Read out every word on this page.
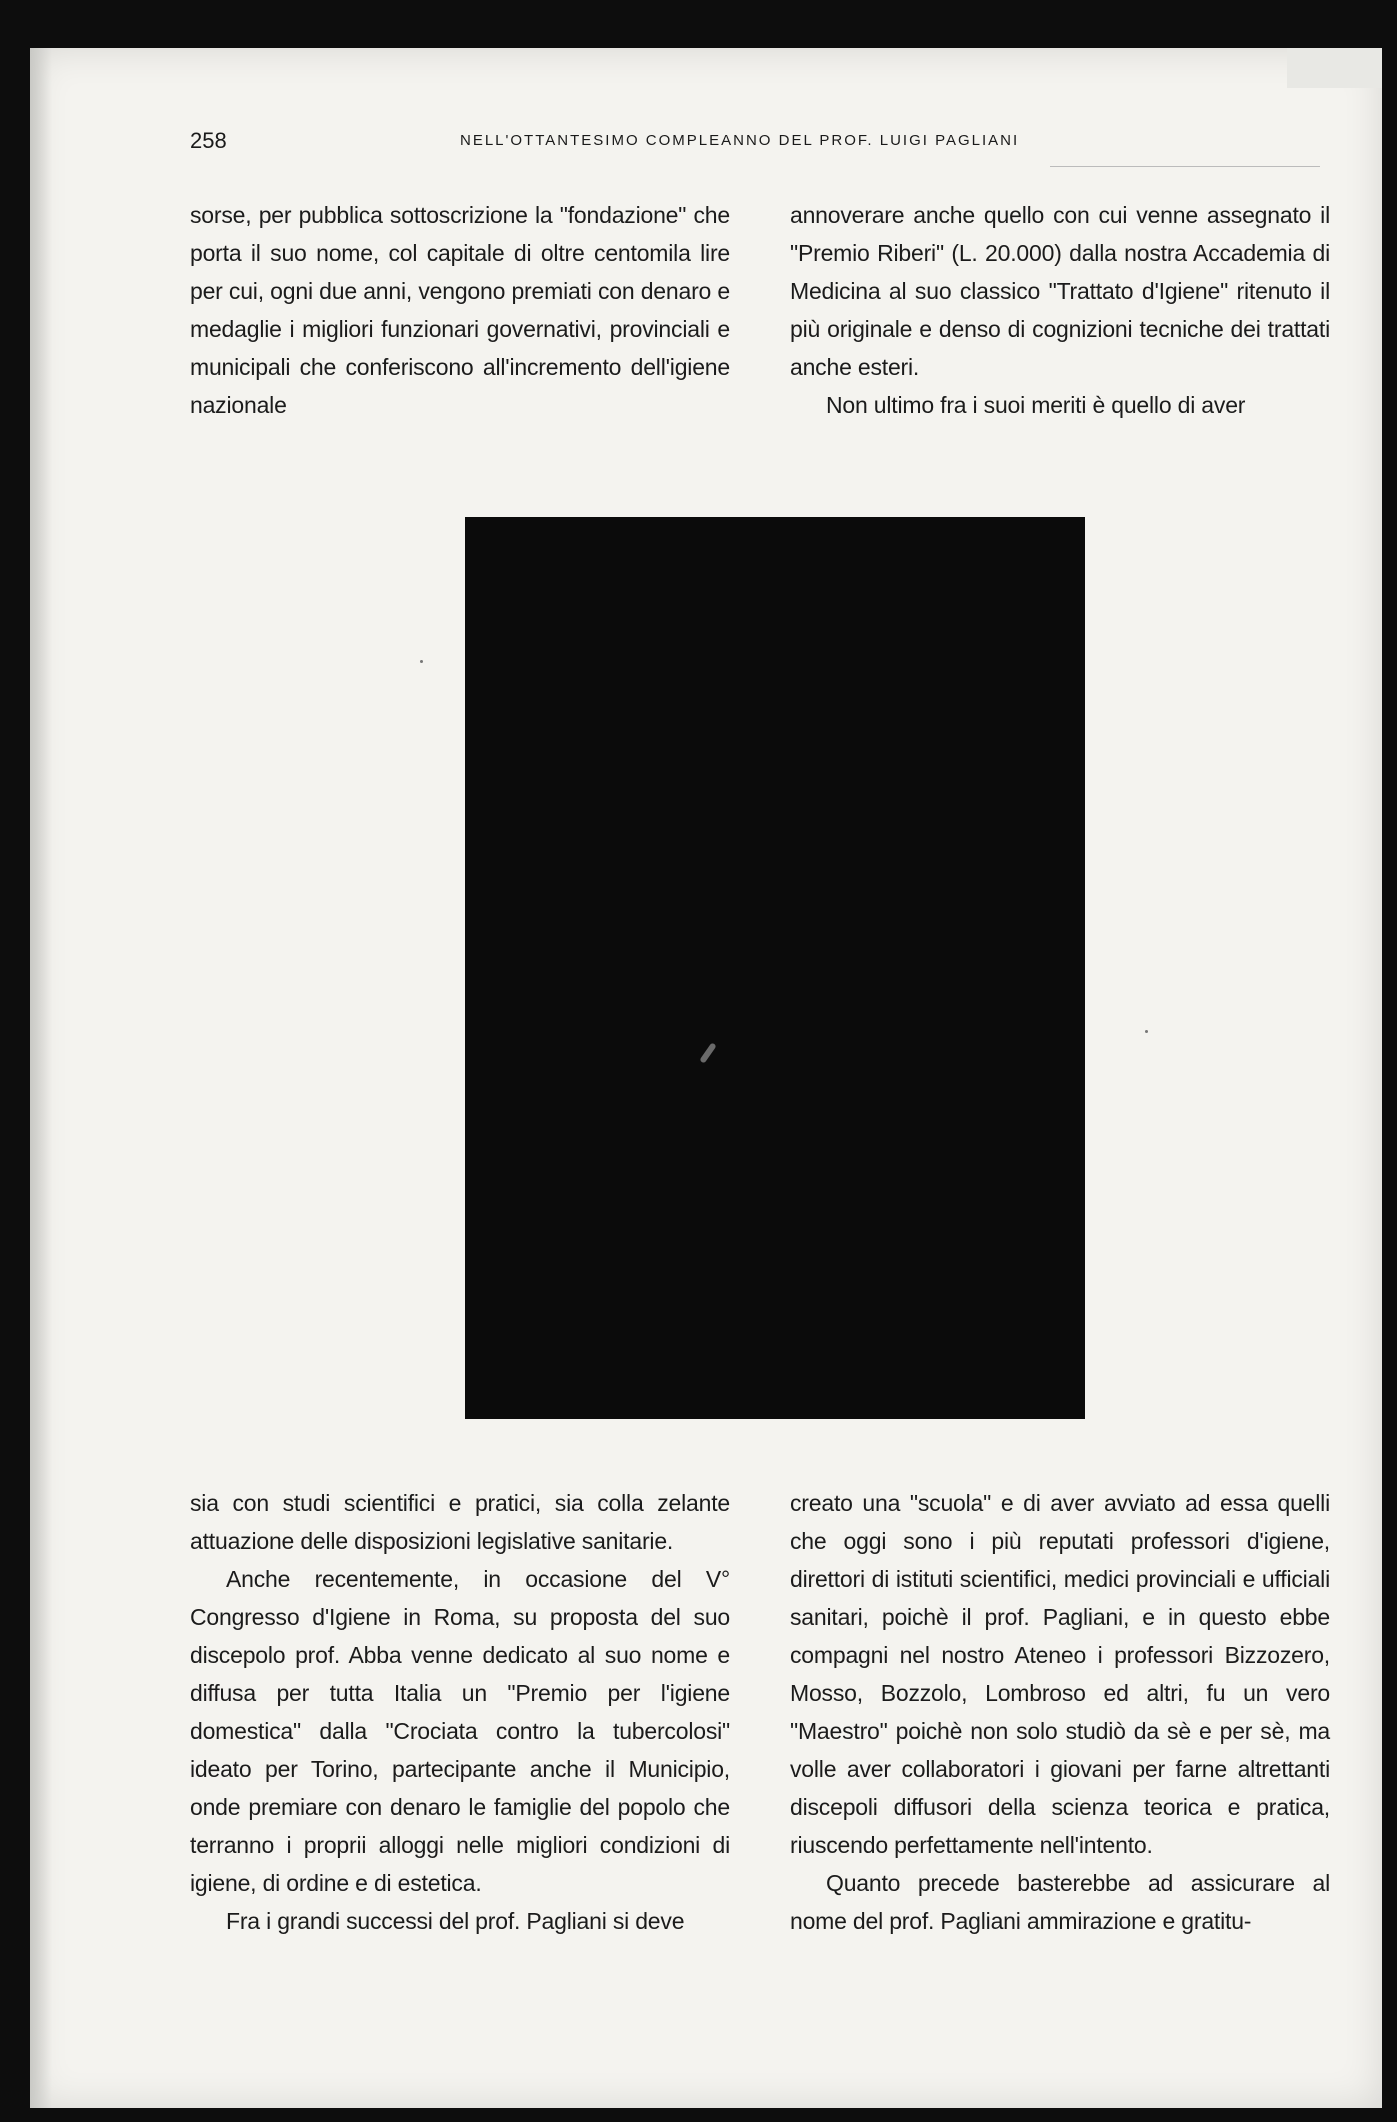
258	NELL'OTTANTESIMO COMPLEANNO DEL PROF. LUIGI PAGLIANI

sorse, per pubblica sottoscrizione la "fondazione" che porta il suo nome, col capitale di oltre centomila lire per cui, ogni due anni, vengono premiati con denaro e medaglie i migliori funzionari governativi, provinciali e municipali che conferiscono all'incremento dell'igiene nazionale

annoverare anche quello con cui venne assegnato il "Premio Riberi" (L. 20.000) dalla nostra Accademia di Medicina al suo classico "Trattato d'Igiene" ritenuto il più originale e denso di cognizioni tecniche dei trattati anche esteri.

Non ultimo fra i suoi meriti è quello di aver

sia con studi scientifici e pratici, sia colla zelante attuazione delle disposizioni legislative sanitarie.

Anche recentemente, in occasione del V° Congresso d'Igiene in Roma, su proposta del suo discepolo prof. Abba venne dedicato al suo nome e diffusa per tutta Italia un "Premio per l'igiene domestica" dalla "Crociata contro la tubercolosi" ideato per Torino, partecipante anche il Municipio, onde premiare con denaro le famiglie del popolo che terranno i proprii alloggi nelle migliori condizioni di igiene, di ordine e di estetica.

Fra i grandi successi del prof. Pagliani si deve

creato una "scuola" e di aver avviato ad essa quelli che oggi sono i più reputati professori d'igiene, direttori di istituti scientifici, medici provinciali e ufficiali sanitari, poichè il prof. Pagliani, e in questo ebbe compagni nel nostro Ateneo i professori Bizzozero, Mosso, Bozzolo, Lombroso ed altri, fu un vero "Maestro" poichè non solo studiò da sè e per sè, ma volle aver collaboratori i giovani per farne altrettanti discepoli diffusori della scienza teorica e pratica, riuscendo perfettamente nell'intento.

Quanto precede basterebbe ad assicurare al nome del prof. Pagliani ammirazione e gratitu-
